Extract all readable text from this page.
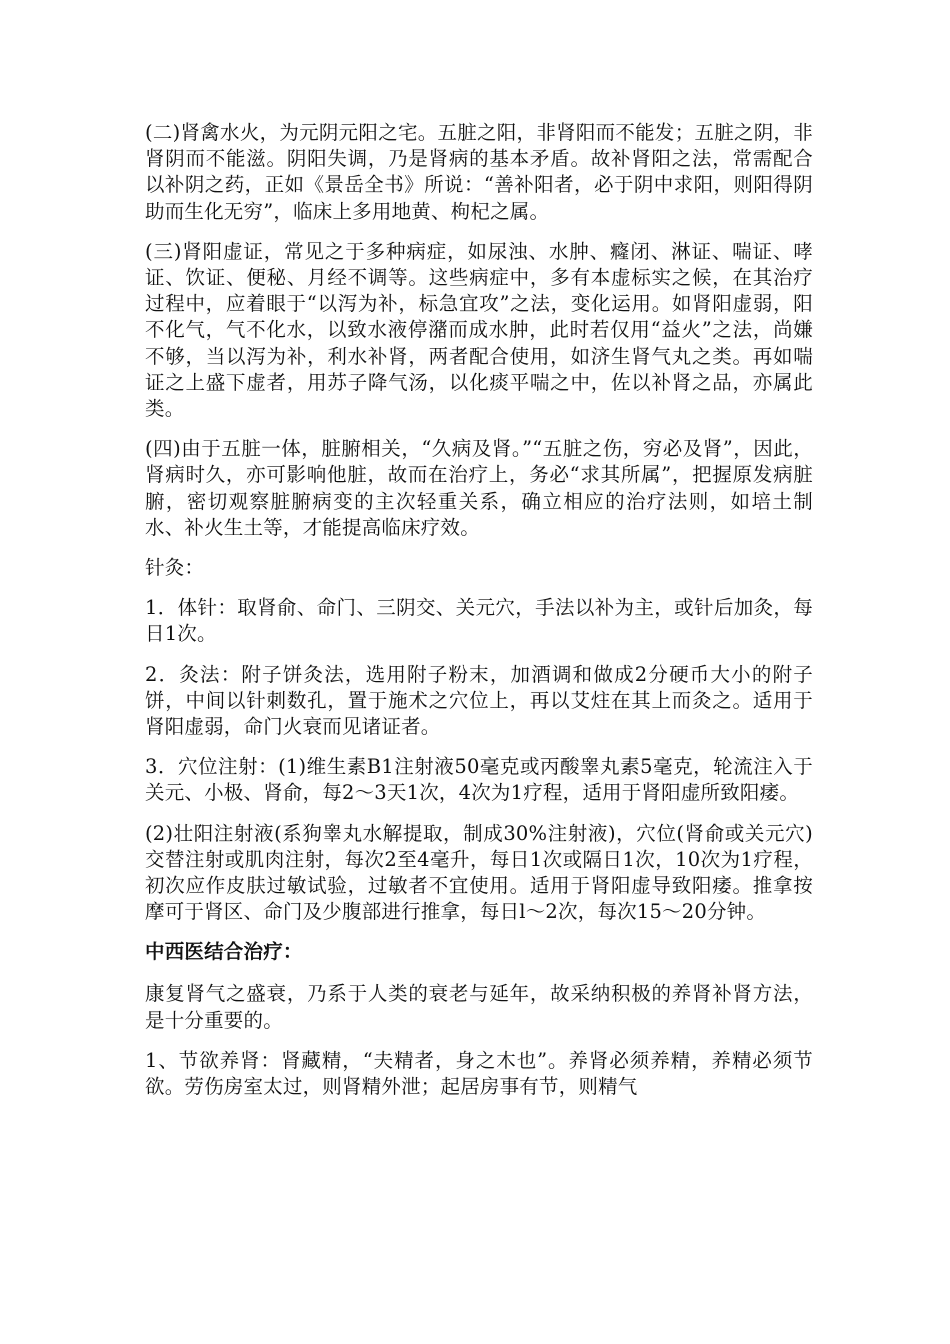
(二)肾禽水火，为元阴元阳之宅。五脏之阳，非肾阳而不能发；五脏之阴，非肾阴而不能滋。阴阳失调，乃是肾病的基本矛盾。故补肾阳之法，常需配合以补阴之药，正如《景岳全书》所说：“善补阳者，必于阴中求阳，则阳得阴助而生化无穷”，临床上多用地黄、枸杞之属。

(三)肾阳虚证，常见之于多种病症，如尿浊、水肿、癃闭、淋证、喘证、哮证、饮证、便秘、月经不调等。这些病症中，多有本虚标实之候，在其治疗过程中，应着眼于“以泻为补，标急宜攻”之法，变化运用。如肾阳虚弱，阳不化气，气不化水，以致水液停潴而成水肿，此时若仅用“益火”之法，尚嫌不够，当以泻为补，利水补肾，两者配合使用，如济生肾气丸之类。再如喘证之上盛下虚者，用苏子降气汤，以化痰平喘之中，佐以补肾之品，亦属此类。

(四)由于五脏一体，脏腑相关，“久病及肾。”“五脏之伤，穷必及肾”，因此，肾病时久，亦可影响他脏，故而在治疗上，务必“求其所属”，把握原发病脏腑，密切观察脏腑病变的主次轻重关系，确立相应的治疗法则，如培土制水、补火生土等，才能提高临床疗效。

针灸：

1．体针：取肾俞、命门、三阴交、关元穴，手法以补为主，或针后加灸，每日1次。

2．灸法：附子饼灸法，选用附子粉末，加酒调和做成2分硬币大小的附子饼，中间以针刺数孔，置于施术之穴位上，再以艾炷在其上而灸之。适用于肾阳虚弱，命门火衰而见诸证者。

3．穴位注射：(1)维生素B1注射液50毫克或丙酸睾丸素5毫克，轮流注入于关元、小极、肾俞，每2～3天1次，4次为1疗程，适用于肾阳虚所致阳痿。

(2)壮阳注射液(系狗睾丸水解提取，制成30%注射液)，穴位(肾俞或关元穴)交替注射或肌肉注射，每次2至4毫升，每日1次或隔日1次，10次为1疗程，初次应作皮肤过敏试验，过敏者不宜使用。适用于肾阳虚导致阳痿。推拿按摩可于肾区、命门及少腹部进行推拿，每日l～2次，每次15～20分钟。

中西医结合治疗：

康复肾气之盛衰，乃系于人类的衰老与延年，故采纳积极的养肾补肾方法，是十分重要的。

1、节欲养肾：肾藏精，“夫精者，身之木也”。养肾必须养精，养精必须节欲。劳伤房室太过，则肾精外泄；起居房事有节，则精气
